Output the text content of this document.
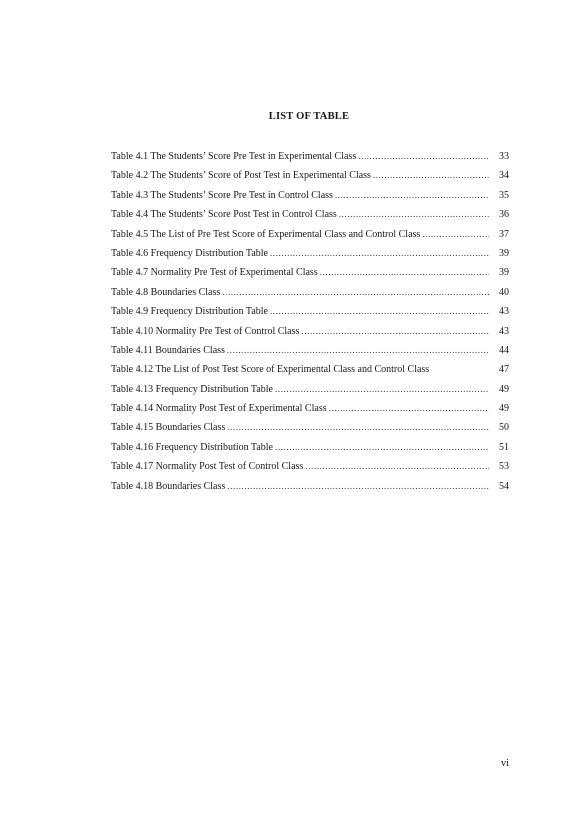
LIST OF TABLE
Table 4.1 The Students’ Score Pre Test in Experimental Class .....	33
Table 4.2 The Students’ Score of Post Test in Experimental Class .....	34
Table 4.3 The Students’ Score Pre Test in Control Class .....	35
Table 4.4 The Students’ Score Post Test in Control Class .....	36
Table 4.5 The List of Pre Test Score of Experimental Class and Control Class .....	37
Table 4.6 Frequency Distribution Table .....	39
Table 4.7 Normality Pre Test of Experimental Class .....	39
Table 4.8 Boundaries Class .....	40
Table 4.9 Frequency Distribution Table .....	43
Table 4.10 Normality Pre Test of Control Class .....	43
Table 4.11 Boundaries Class .....	44
Table 4.12 The List of Post Test Score of Experimental Class and Control Class	47
Table 4.13 Frequency Distribution Table .....	49
Table 4.14 Normality Post Test of Experimental Class .....	49
Table 4.15 Boundaries Class .....	50
Table 4.16 Frequency Distribution Table .....	51
Table 4.17 Normality Post Test of Control Class .....	53
Table 4.18 Boundaries Class .....	54
vi
